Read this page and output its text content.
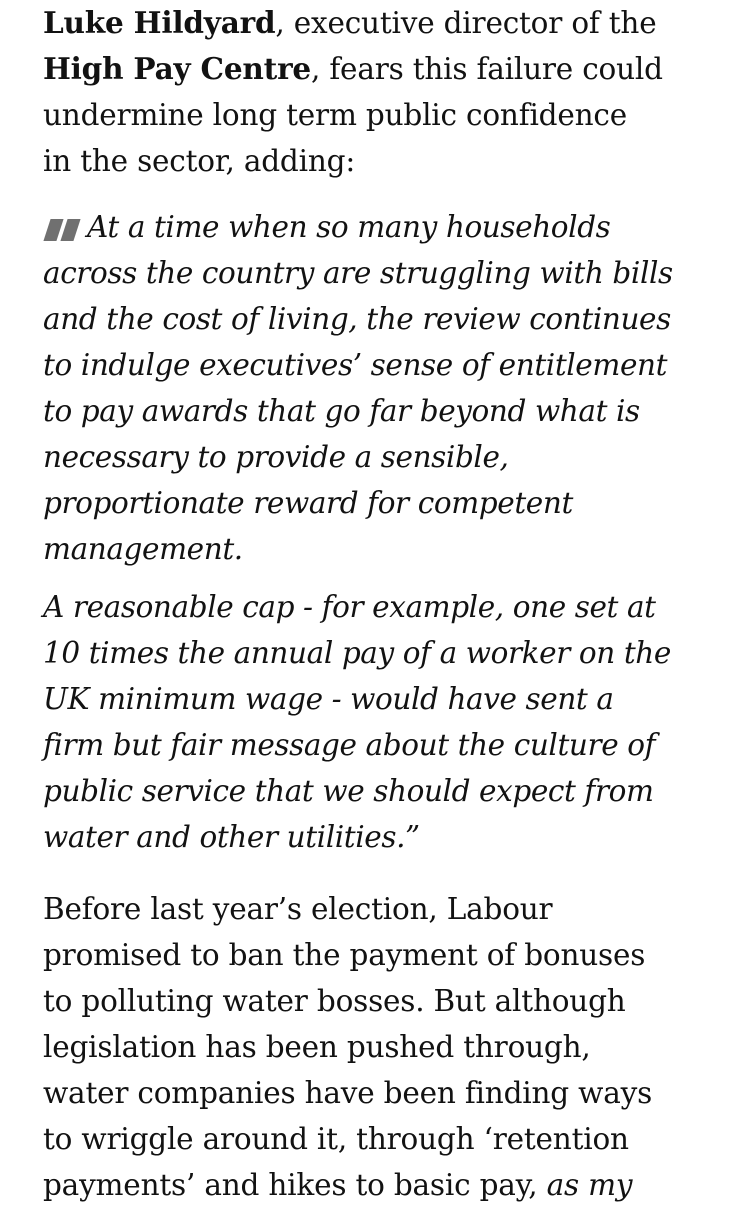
Luke Hildyard, executive director of the
High Pay Centre, fears this failure could
undermine long term public confidence
in the sector, adding:

At a time when so many households
across the country are struggling with bills
and the cost of living, the review continues
to indulge executives’ sense of entitlement
to pay awards that go far beyond what is
necessary to provide a sensible,
proportionate reward for competent
management.
A reasonable cap - for example, one set at
10 times the annual pay of a worker on the
UK minimum wage - would have sent a
firm but fair message about the culture of
public service that we should expect from
water and other utilities.”

Before last year’s election, Labour
promised to ban the payment of bonuses
to polluting water bosses. But although
legislation has been pushed through,
water companies have been finding ways
to wriggle around it, through ‘retention
payments’ and hikes to basic pay, as my
